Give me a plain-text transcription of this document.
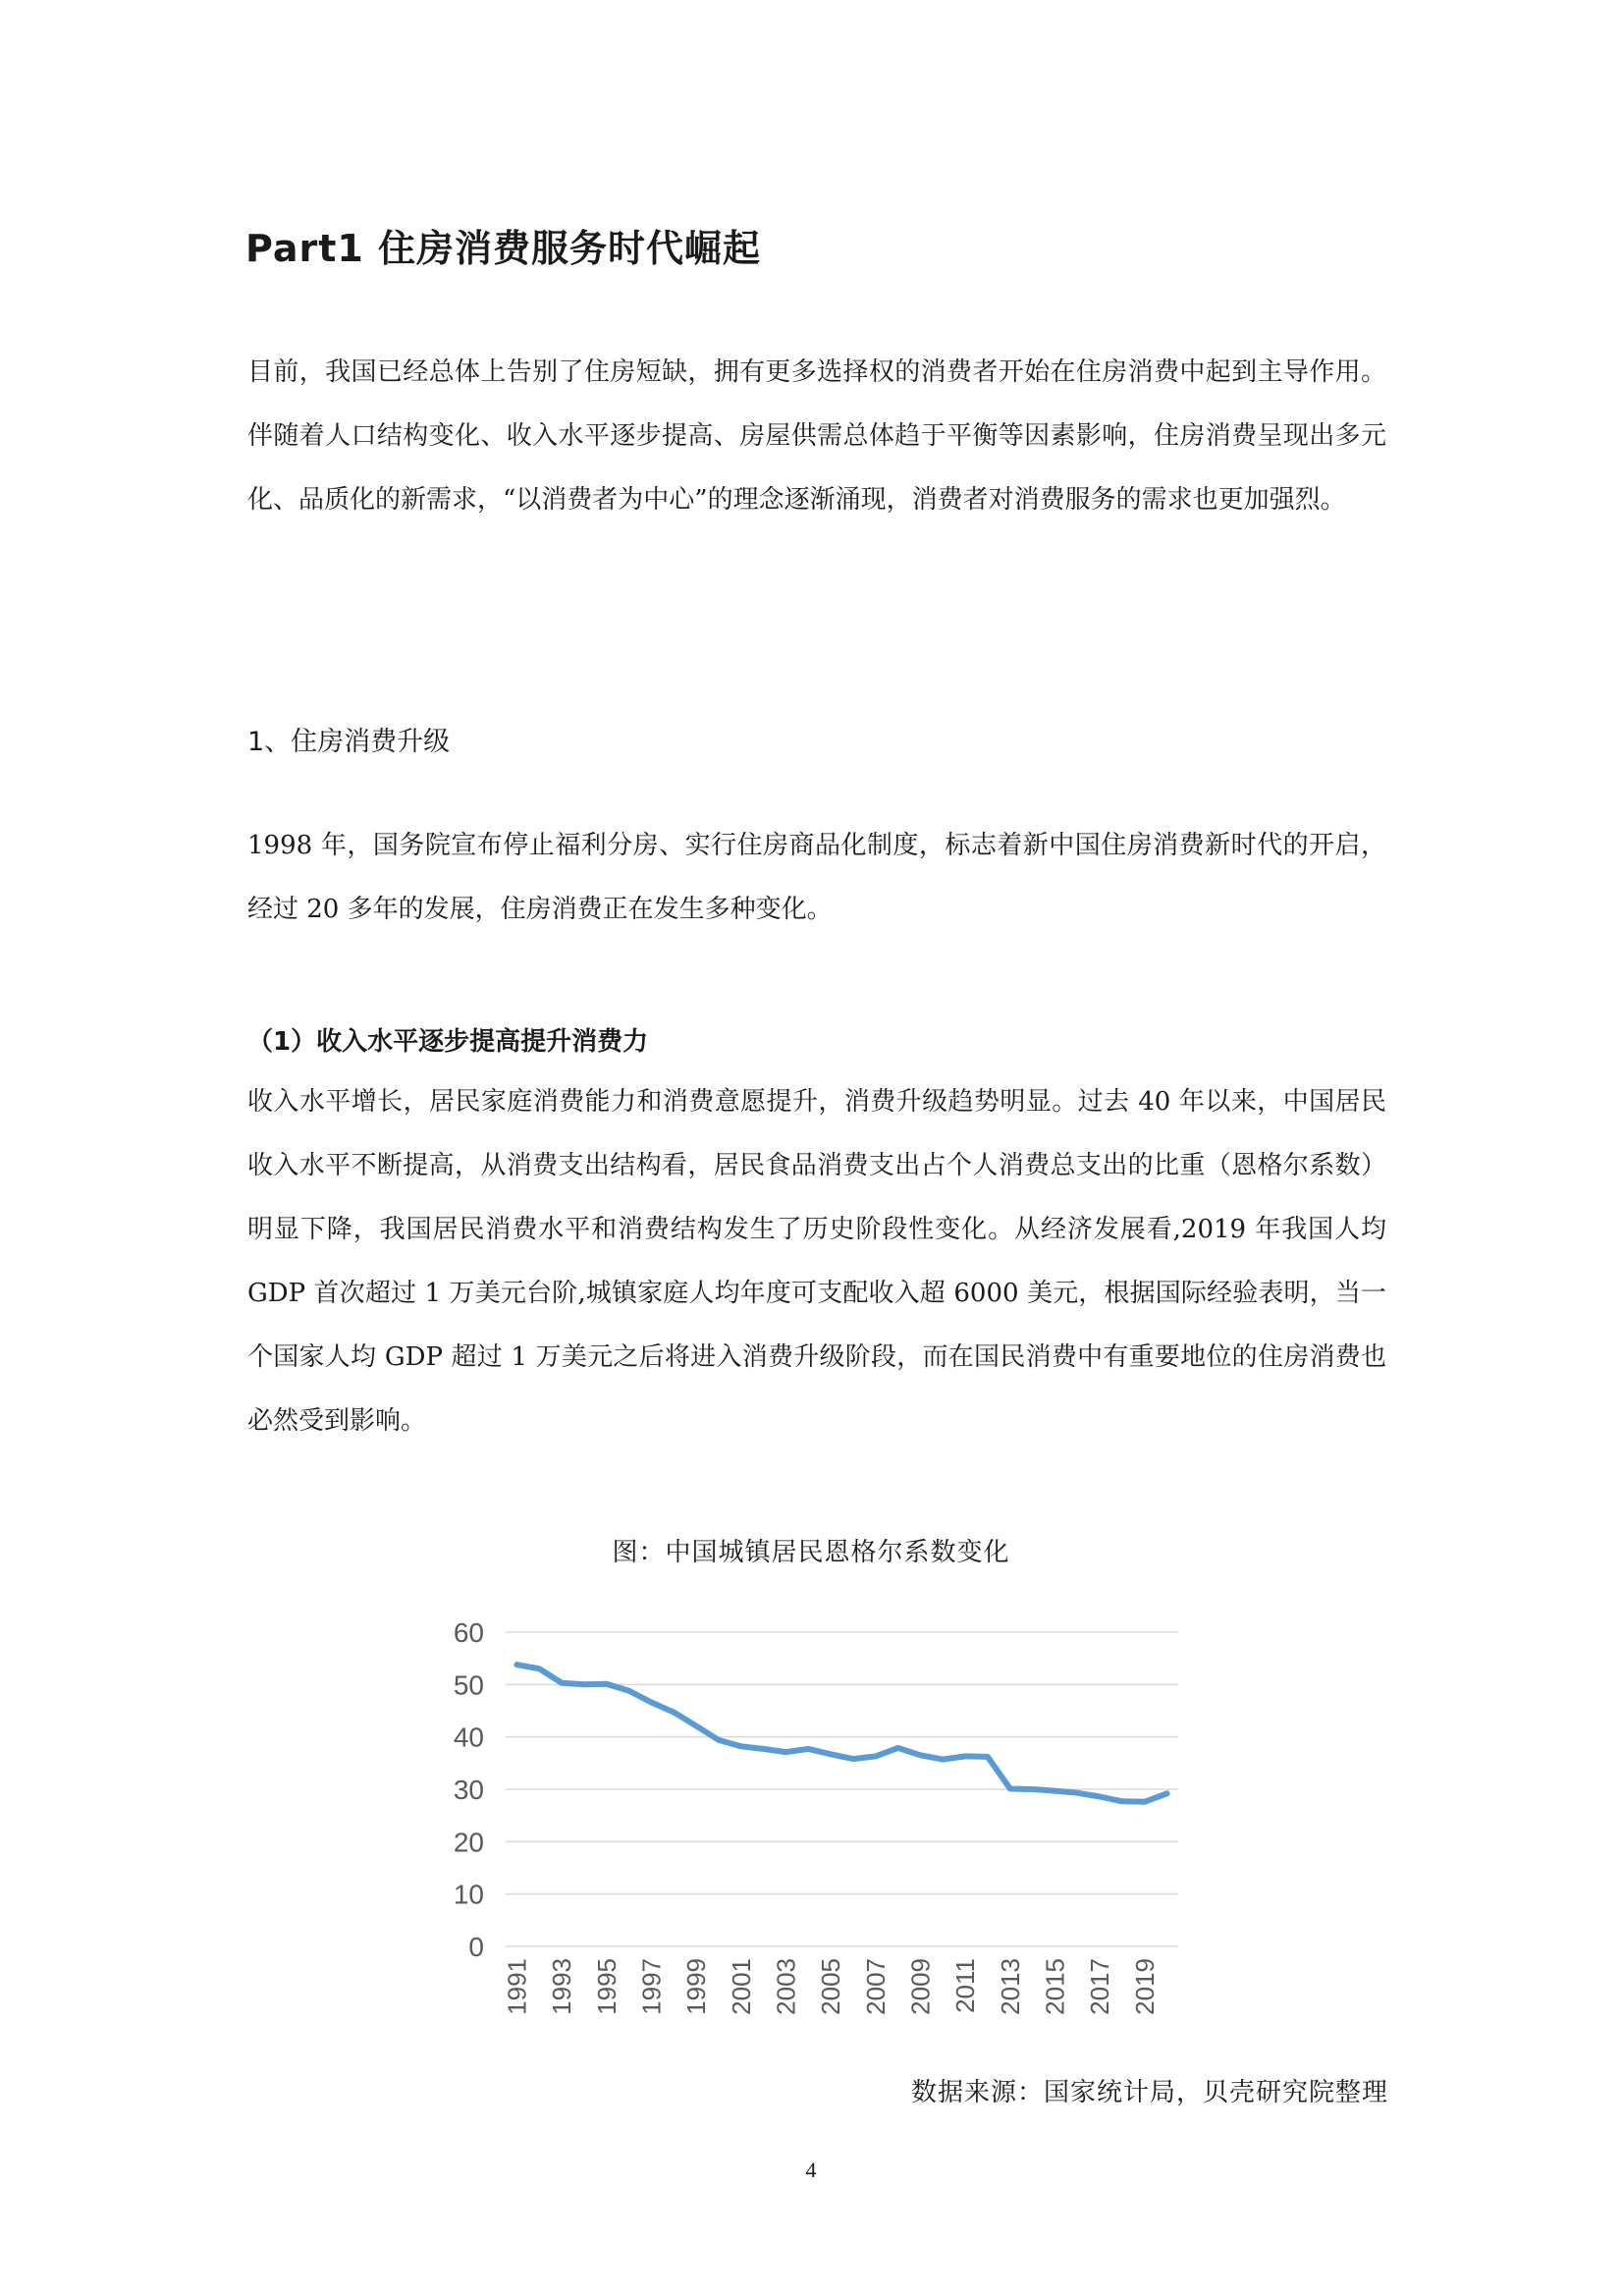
Part1 住房消费服务时代崛起

目前，我国已经总体上告别了住房短缺，拥有更多选择权的消费者开始在住房消费中起到主导作用。伴随着人口结构变化、收入水平逐步提高、房屋供需总体趋于平衡等因素影响，住房消费呈现出多元化、品质化的新需求，“以消费者为中心”的理念逐渐涌现，消费者对消费服务的需求也更加强烈。

1、住房消费升级

1998 年，国务院宣布停止福利分房、实行住房商品化制度，标志着新中国住房消费新时代的开启，经过 20 多年的发展，住房消费正在发生多种变化。

（1）收入水平逐步提高提升消费力

收入水平增长，居民家庭消费能力和消费意愿提升，消费升级趋势明显。过去 40 年以来，中国居民收入水平不断提高，从消费支出结构看，居民食品消费支出占个人消费总支出的比重（恩格尔系数）明显下降，我国居民消费水平和消费结构发生了历史阶段性变化。从经济发展看,2019 年我国人均 GDP 首次超过 1 万美元台阶,城镇家庭人均年度可支配收入超 6000 美元，根据国际经验表明，当一个国家人均 GDP 超过 1 万美元之后将进入消费升级阶段，而在国民消费中有重要地位的住房消费也必然受到影响。

图：中国城镇居民恩格尔系数变化
0
10
20
30
40
50
60
1991 1993 1995 1997 1999 2001 2003 2005 2007 2009 2011 2013 2015 2017 2019
数据来源：国家统计局，贝壳研究院整理
4
